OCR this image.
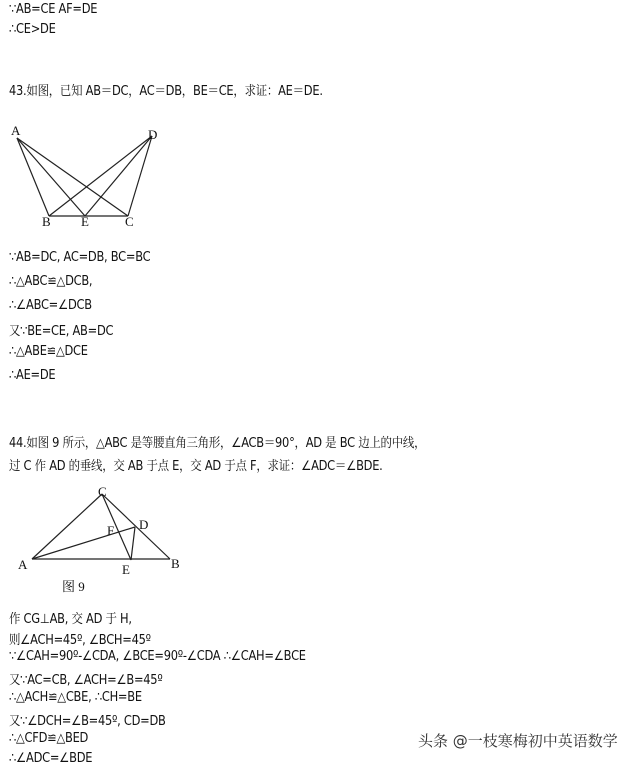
∵AB=CE AF=DE
∴CE>DE
43.如图，已知 AB＝DC，AC＝DB，BE＝CE，求证：AE＝DE.
A	D
B E	C
∵AB=DC, AC=DB, BC=BC
∴△ABC≌△DCB,
∴∠ABC=∠DCB
又∵BE=CE, AB=DC
∴△ABE≌△DCE
∴AE=DE
44.如图 9 所示，△ABC 是等腰直角三角形，∠ACB＝90°，AD 是 BC 边上的中线，
过 C 作 AD 的垂线，交 AB 于点 E，交 AD 于点 F，求证：∠ADC＝∠BDE.
C
D
F
E
A	B
图 9
作 CG⊥AB, 交 AD 于 H,
则∠ACH=45º, ∠BCH=45º
∵∠CAH=90º-∠CDA, ∠BCE=90º-∠CDA ∴∠CAH=∠BCE
又∵AC=CB, ∠ACH=∠B=45º
∴△ACH≌△CBE, ∴CH=BE
又∵∠DCH=∠B=45º, CD=DB
∴△CFD≌△BED
∴∠ADC=∠BDE
头条 @一枝寒梅初中英语数学
